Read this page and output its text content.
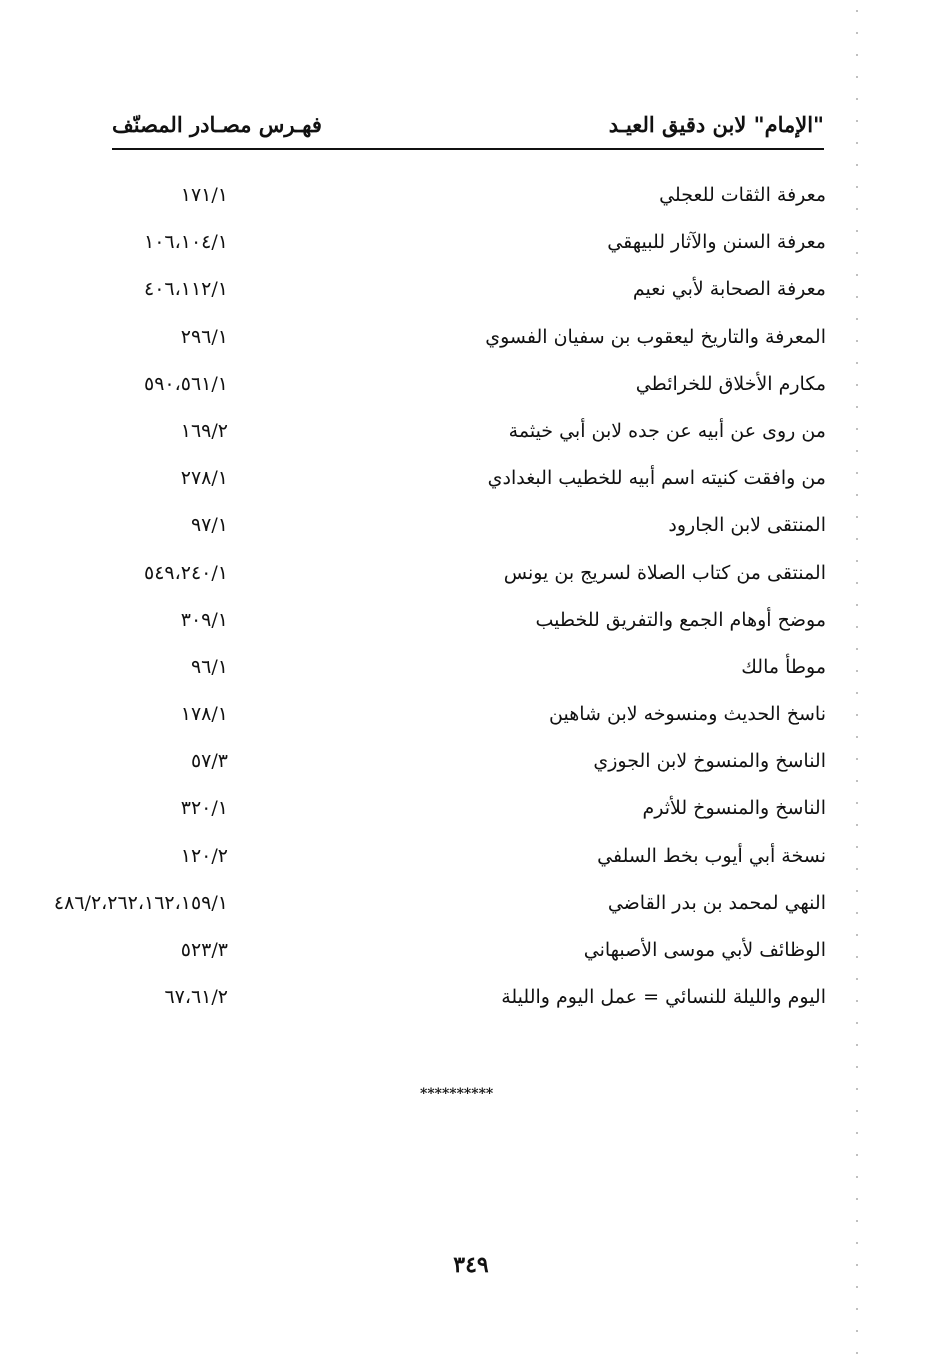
"الإمام" لابن دقيق العيـد
فهـرس مصـادر المصنّف
معرفة الثقات للعجلي
١٧١/١
معرفة السنن والآثار للبيهقي
١٠٦،١٠٤/١
معرفة الصحابة لأبي نعيم
٤٠٦،١١٢/١
المعرفة والتاريخ ليعقوب بن سفيان الفسوي
٢٩٦/١
مكارم الأخلاق للخرائطي
٥٩٠،٥٦١/١
من روى عن أبيه عن جده لابن أبي خيثمة
١٦٩/٢
من وافقت كنيته اسم أبيه للخطيب البغدادي
٢٧٨/١
المنتقى لابن الجارود
٩٧/١
المنتقى من كتاب الصلاة لسريج بن يونس
٥٤٩،٢٤٠/١
موضح أوهام الجمع والتفريق للخطيب
٣٠٩/١
موطأ مالك
٩٦/١
ناسخ الحديث ومنسوخه لابن شاهين
١٧٨/١
الناسخ والمنسوخ لابن الجوزي
٥٧/٣
الناسخ والمنسوخ للأثرم
٣٢٠/١
نسخة أبي أيوب بخط السلفي
١٢٠/٢
النهي لمحمد بن بدر القاضي
٤٨٦/٢،٢٦٢،١٦٢،١٥٩/١
الوظائف لأبي موسى الأصبهاني
٥٢٣/٣
اليوم والليلة للنسائي = عمل اليوم والليلة
٦٧،٦١/٢
**********
٣٤٩
